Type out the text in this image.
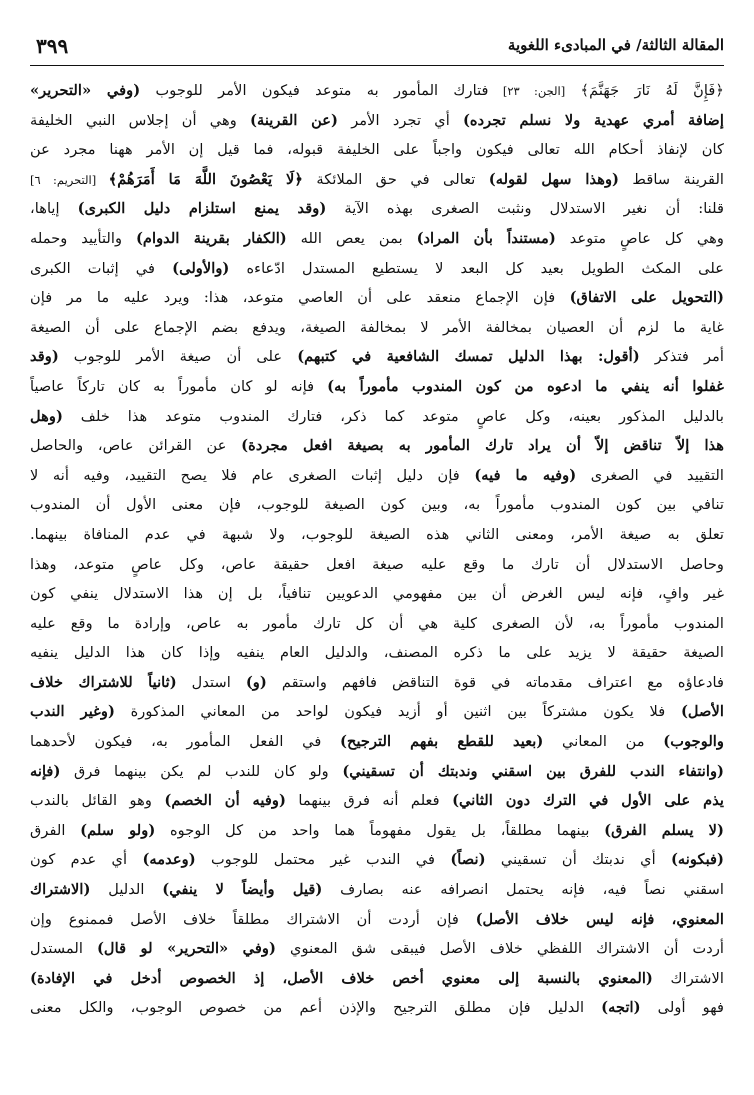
المقالة الثالثة/ في المبادىء اللغوية
٣٩٩
﴿فَإِنَّ لَهُ نَارَ جَهَنَّمَ﴾ [الجن: ٢٣] فتارك المأمور به متوعد فيكون الأمر للوجوب (وفي «التحرير»
إضافة أمري عهدية ولا نسلم تجرده) أي تجرد الأمر (عن القرينة) وهي أن إجلاس النبي الخليفة
كان لإنفاذ أحكام الله تعالى فيكون واجباً على الخليفة قبوله، فما قيل إن الأمر ههنا مجرد عن
القرينة ساقط (وهذا سهل لقوله) تعالى في حق الملائكة ﴿لَا يَعْصُونَ اللَّهَ مَا أَمَرَهُمْ﴾ [التحريم: ٦]
قلنا: أن نغير الاستدلال ونثبت الصغرى بهذه الآية (وقد يمنع استلزام دليل الكبرى) إياها،
وهي كل عاصٍ متوعد (مستنداً بأن المراد) بمن يعص الله (الكفار بقرينة الدوام) والتأييد وحمله
على المكث الطويل بعيد كل البعد لا يستطيع المستدل ادّعاءه (والأولى) في إثبات الكبرى
(التحويل على الاتفاق) فإن الإجماع منعقد على أن العاصي متوعد، هذا: ويرد عليه ما مر فإن
غاية ما لزم أن العصيان بمخالفة الأمر لا بمخالفة الصيغة، ويدفع بضم الإجماع على أن الصيغة
أمر فتذكر (أقول: بهذا الدليل تمسك الشافعية في كتبهم) على أن صيغة الأمر للوجوب (وقد
غفلوا أنه ينفي ما ادعوه من كون المندوب مأموراً به) فإنه لو كان مأموراً به كان تاركاً عاصياً
بالدليل المذكور بعينه، وكل عاصٍ متوعد كما ذكر، فتارك المندوب متوعد هذا خلف (وهل
هذا إلاّ تناقض إلاّ أن يراد تارك المأمور به بصيغة افعل مجردة) عن القرائن عاص، والحاصل
التقييد في الصغرى (وفيه ما فيه) فإن دليل إثبات الصغرى عام فلا يصح التقييد، وفيه أنه لا
تنافي بين كون المندوب مأموراً به، وبين كون الصيغة للوجوب، فإن معنى الأول أن المندوب
تعلق به صيغة الأمر، ومعنى الثاني هذه الصيغة للوجوب، ولا شبهة في عدم المنافاة بينهما.
وحاصل الاستدلال أن تارك ما وقع عليه صيغة افعل حقيقة عاص، وكل عاصٍ متوعد، وهذا
غير وافٍ، فإنه ليس الغرض أن بين مفهومي الدعويين تنافياً، بل إن هذا الاستدلال ينفي كون
المندوب مأموراً به، لأن الصغرى كلية هي أن كل تارك مأمور به عاص، وإرادة ما وقع عليه
الصيغة حقيقة لا يزيد على ما ذكره المصنف، والدليل العام ينفيه وإذا كان هذا الدليل ينفيه
فادعاؤه مع اعتراف مقدماته في قوة التناقض فافهم واستقم (و) استدل (ثانياً للاشتراك خلاف
الأصل) فلا يكون مشتركاً بين اثنين أو أزيد فيكون لواحد من المعاني المذكورة (وغير الندب
والوجوب) من المعاني (بعيد للقطع بفهم الترجيح) في الفعل المأمور به، فيكون لأحدهما
(وانتفاء الندب للفرق بين اسقني وندبتك أن تسقيني) ولو كان للندب لم يكن بينهما فرق (فإنه
يذم على الأول في الترك دون الثاني) فعلم أنه فرق بينهما (وفيه أن الخصم) وهو القائل بالندب
(لا يسلم الفرق) بينهما مطلقاً، بل يقول مفهوماً هما واحد من كل الوجوه (ولو سلم) الفرق
(فبكونه) أي ندبتك أن تسقيني (نصاً) في الندب غير محتمل للوجوب (وعدمه) أي عدم كون
اسقني نصاً فيه، فإنه يحتمل انصرافه عنه بصارف (قيل وأيضاً لا ينفي) الدليل (الاشتراك
المعنوي، فإنه ليس خلاف الأصل) فإن أردت أن الاشتراك مطلقاً خلاف الأصل فممنوع وإن
أردت أن الاشتراك اللفظي خلاف الأصل فيبقى شق المعنوي (وفي «التحرير» لو قال) المستدل
الاشتراك (المعنوي بالنسبة إلى معنوي أخص خلاف الأصل، إذ الخصوص أدخل في الإفادة)
فهو أولى (اتجه) الدليل فإن مطلق الترجيح والإذن أعم من خصوص الوجوب، والكل معنى
